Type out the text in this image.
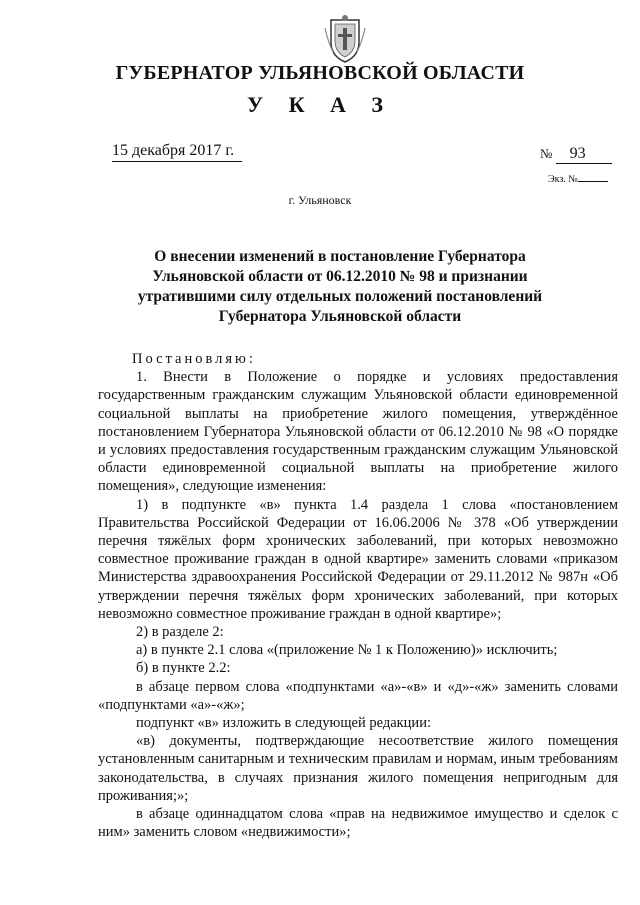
ГУБЕРНАТОР УЛЬЯНОВСКОЙ ОБЛАСТИ
У К А З
15 декабря 2017 г.	№ 93
Экз. №
г. Ульяновск
О внесении изменений в постановление Губернатора
Ульяновской области от 06.12.2010 № 98 и признании
утратившими силу отдельных положений постановлений
Губернатора Ульяновской области

Постановляю:

1. Внести в Положение о порядке и условиях предоставления государственным гражданским служащим Ульяновской области единовременной социальной выплаты на приобретение жилого помещения, утверждённое постановлением Губернатора Ульяновской области от 06.12.2010 № 98 «О порядке и условиях предоставления государственным гражданским служащим Ульяновской области единовременной социальной выплаты на приобретение жилого помещения», следующие изменения:

1) в подпункте «в» пункта 1.4 раздела 1 слова «постановлением Правительства Российской Федерации от 16.06.2006 № 378 «Об утверждении перечня тяжёлых форм хронических заболеваний, при которых невозможно совместное проживание граждан в одной квартире» заменить словами «приказом Министерства здравоохранения Российской Федерации от 29.11.2012 № 987н «Об утверждении перечня тяжёлых форм хронических заболеваний, при которых невозможно совместное проживание граждан в одной квартире»;

2) в разделе 2:

а) в пункте 2.1 слова «(приложение № 1 к Положению)» исключить;

б) в пункте 2.2:

в абзаце первом слова «подпунктами «а»-«в» и «д»-«ж» заменить словами «подпунктами «а»-«ж»;

подпункт «в» изложить в следующей редакции:

«в) документы, подтверждающие несоответствие жилого помещения установленным санитарным и техническим правилам и нормам, иным требованиям законодательства, в случаях признания жилого помещения непригодным для проживания;»;

в абзаце одиннадцатом слова «прав на недвижимое имущество и сделок с ним» заменить словом «недвижимости»;
